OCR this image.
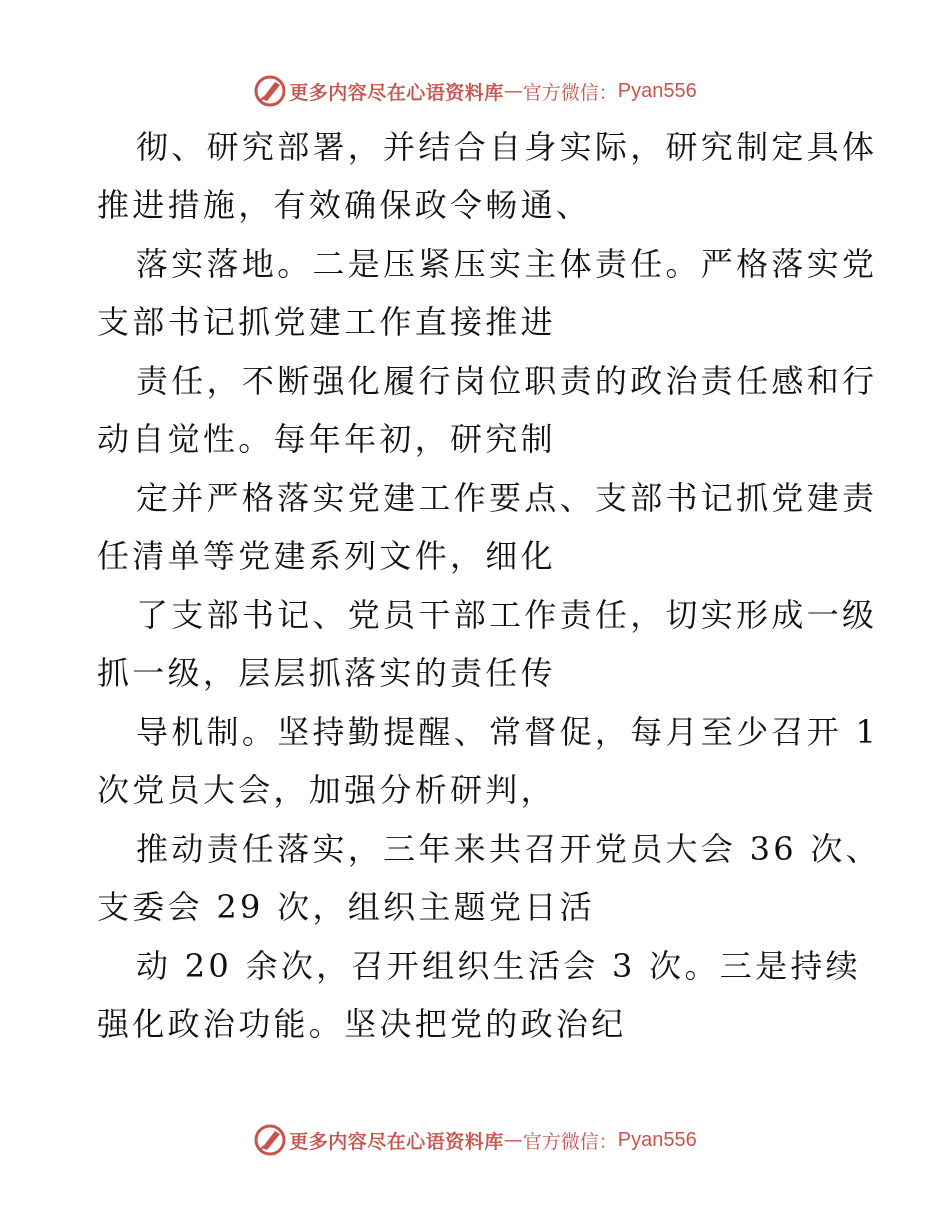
更多内容尽在心语资料库 — 官方微信： Pyan556
彻、研究部署，并结合自身实际，研究制定具体
推进措施，有效确保政令畅通、
落实落地。二是压紧压实主体责任。严格落实党
支部书记抓党建工作直接推进
责任，不断强化履行岗位职责的政治责任感和行
动自觉性。每年年初，研究制
定并严格落实党建工作要点、支部书记抓党建责
任清单等党建系列文件，细化
了支部书记、党员干部工作责任，切实形成一级
抓一级，层层抓落实的责任传
导机制。坚持勤提醒、常督促，每月至少召开 1
次党员大会，加强分析研判，
推动责任落实，三年来共召开党员大会 36 次、
支委会 29 次，组织主题党日活
动 20 余次，召开组织生活会 3 次。三是持续
强化政治功能。坚决把党的政治纪
更多内容尽在心语资料库 — 官方微信： Pyan556
